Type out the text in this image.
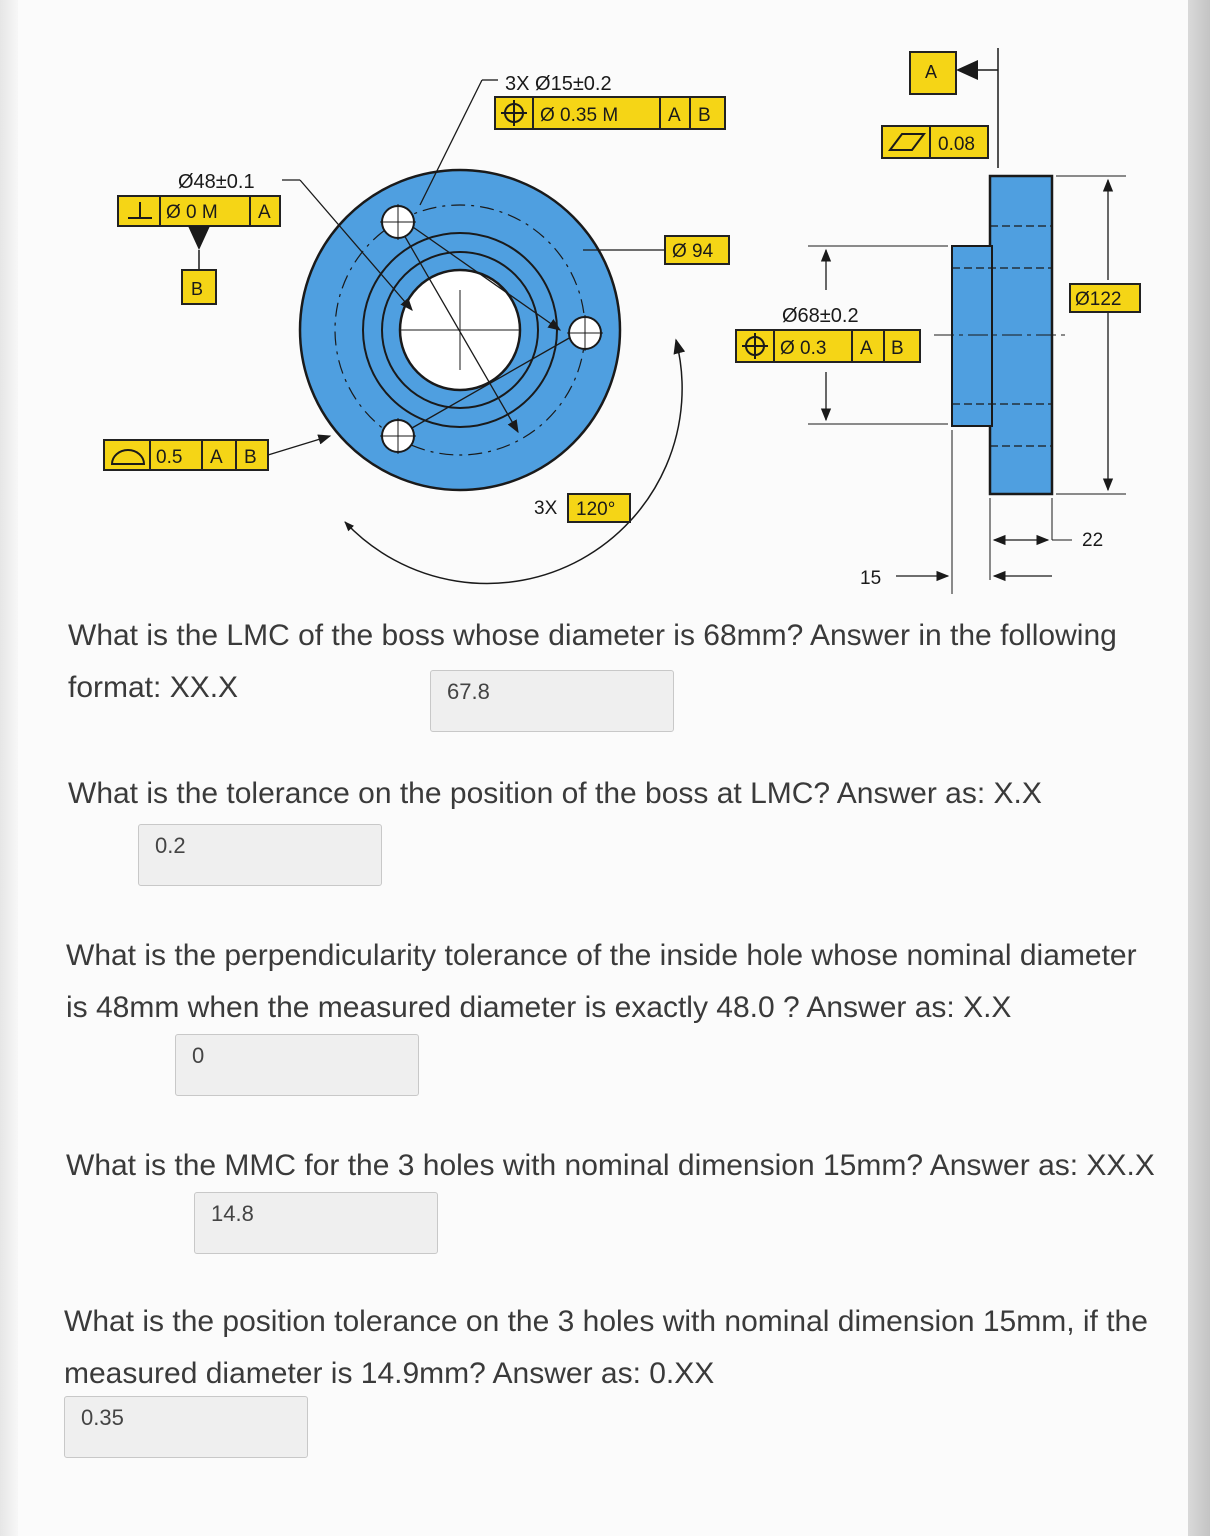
3X Ø15±0.2
Ø 0.35 M	A B
Ø48±0.1
Ø 0 M A
B
0.5 A B
Ø 94
3X 120°
A
0.08
Ø122
Ø68±0.2
Ø 0.3 A B
22
15
What is the LMC of the boss whose diameter is 68mm? Answer in the following format: XX.X	67.8
What is the tolerance on the position of the boss at LMC? Answer as: X.X
0.2
What is the perpendicularity tolerance of the inside hole whose nominal diameter is 48mm when the measured diameter is exactly 48.0 ? Answer as: X.X
0
What is the MMC for the 3 holes with nominal dimension 15mm? Answer as: XX.X
14.8
What is the position tolerance on the 3 holes with nominal dimension 15mm, if the measured diameter is 14.9mm? Answer as: 0.XX
0.35
